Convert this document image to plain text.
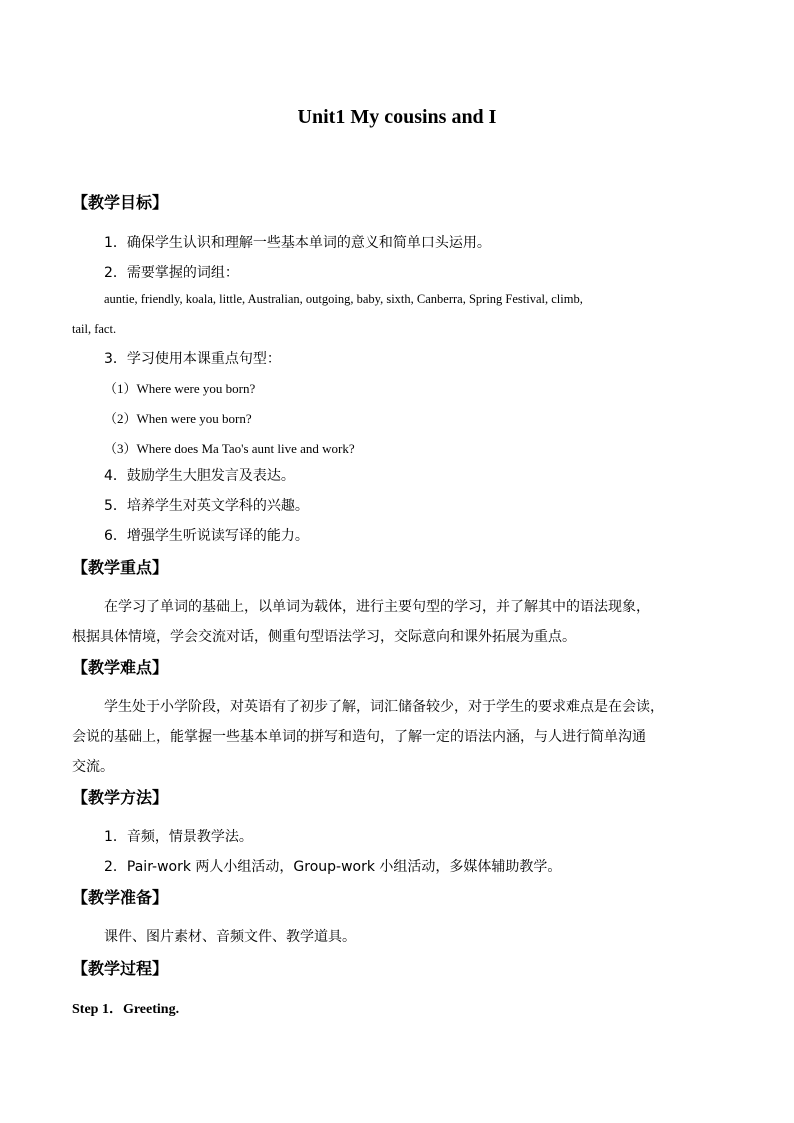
Unit1 My cousins and I
【教学目标】
1．确保学生认识和理解一些基本单词的意义和简单口头运用。
2．需要掌握的词组：
auntie, friendly, koala, little, Australian, outgoing, baby, sixth, Canberra, Spring Festival, climb,
tail, fact.
3．学习使用本课重点句型：
（1）Where were you born?
（2）When were you born?
（3）Where does Ma Tao's aunt live and work?
4．鼓励学生大胆发言及表达。
5．培养学生对英文学科的兴趣。
6．增强学生听说读写译的能力。
【教学重点】
在学习了单词的基础上，以单词为载体，进行主要句型的学习，并了解其中的语法现象，
根据具体情境，学会交流对话，侧重句型语法学习，交际意向和课外拓展为重点。
【教学难点】
学生处于小学阶段，对英语有了初步了解，词汇储备较少，对于学生的要求难点是在会读，
会说的基础上，能掌握一些基本单词的拼写和造句，了解一定的语法内涵，与人进行简单沟通
交流。
【教学方法】
1．音频，情景教学法。
2．Pair-work 两人小组活动，Group-work 小组活动，多媒体辅助教学。
【教学准备】
课件、图片素材、音频文件、教学道具。
【教学过程】
Step 1．Greeting.
